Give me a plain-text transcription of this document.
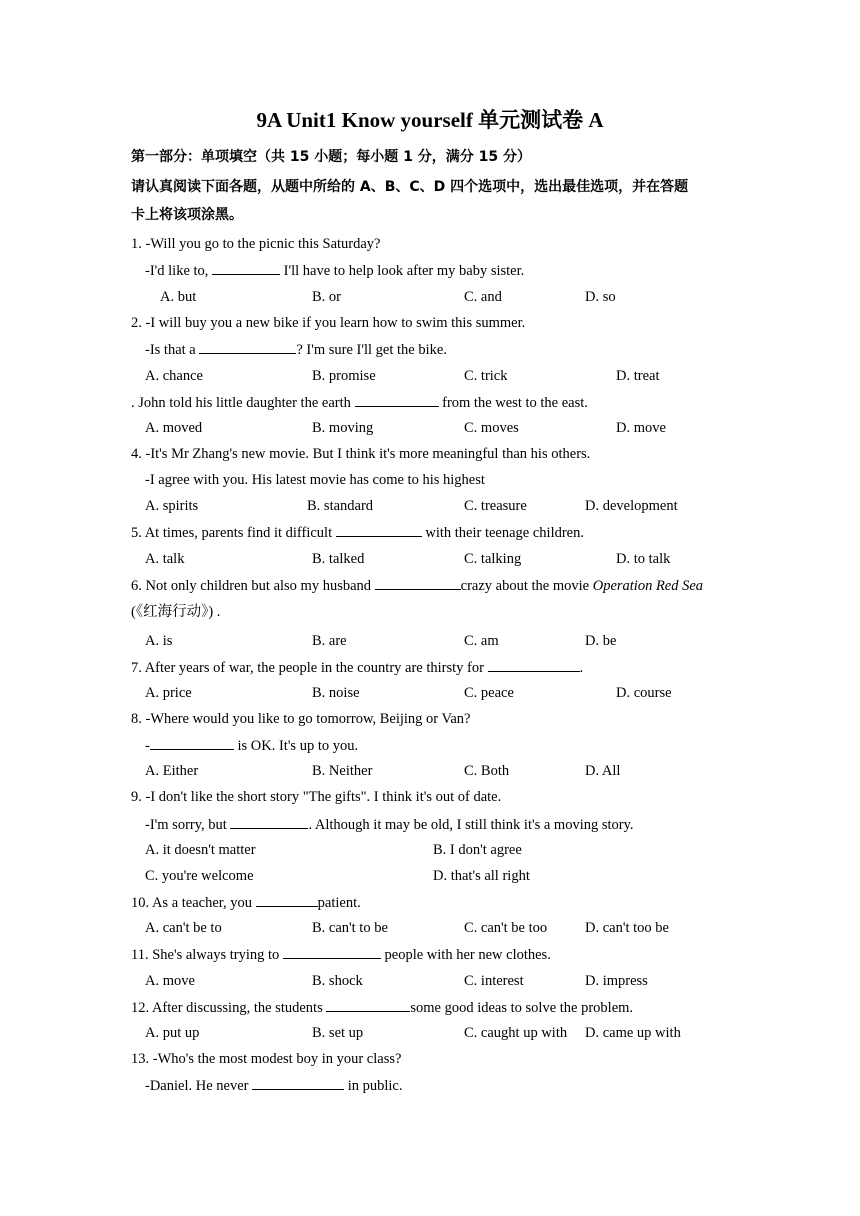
9A Unit1 Know yourself 单元测试卷 A
第一部分：单项填空（共 15 小题；每小题 1 分，满分 15 分）
请认真阅读下面各题，从题中所给的 A、B、C、D 四个选项中，选出最佳选项，并在答题
卡上将该项涂黑。
1. -Will you go to the picnic this Saturday?
-I'd like to,	I'll have to help look after my baby sister.
A. but	B. or	C. and	D. so
2. -I will buy you a new bike if you learn how to swim this summer.
-Is that a	? I'm sure I'll get the bike.
A. chance	B. promise	C. trick	D. treat
. John told his little daughter the earth	from the west to the east.
A. moved	B. moving	C. moves	D. move
4. -It's Mr Zhang's new movie. But I think it's more meaningful than his others.
-I agree with you. His latest movie has come to his highest
A. spirits	B. standard	C. treasure	D. development
5. At times, parents find it difficult	with their teenage children.
A. talk	B. talked	C. talking	D. to talk
6. Not only children but also my husband	crazy about the movie Operation Red Sea
(《红海行动》) .
A. is	B. are	C. am	D. be
7. After years of war, the people in the country are thirsty for	.
A. price	B. noise	C. peace	D. course
8. -Where would you like to go tomorrow, Beijing or Van?
-	is OK. It's up to you.
A. Either	B. Neither	C. Both	D. All
9. -I don't like the short story "The gifts". I think it's out of date.
-I'm sorry, but	. Although it may be old, I still think it's a moving story.
A. it doesn't matter	B. I don't agree
C. you're welcome	D. that's all right
10. As a teacher, you	patient.
A. can't be to	B. can't to be	C. can't be too	D. can't too be
11. She's always trying to	people with her new clothes.
A. move	B. shock	C. interest	D. impress
12. After discussing, the students	some good ideas to solve the problem.
A. put up	B. set up	C. caught up with D. came up with
13. -Who's the most modest boy in your class?
-Daniel. He never	in public.
